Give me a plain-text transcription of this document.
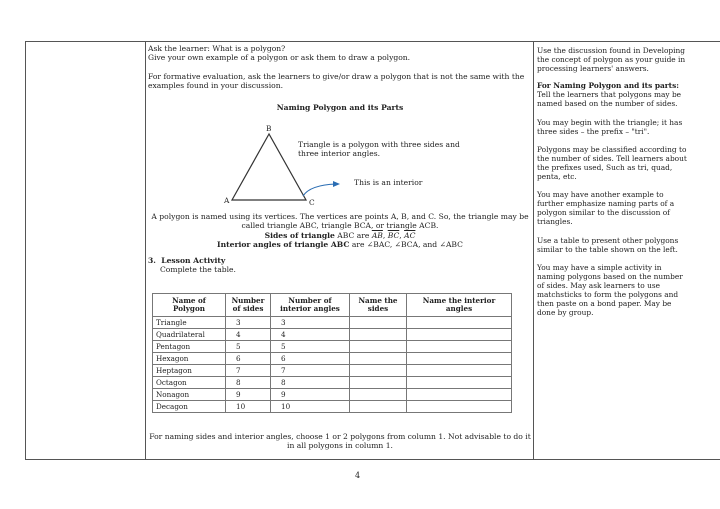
Ask the learner: What is a polygon?

Give your own example of a polygon or ask them to draw a polygon.

For formative evaluation, ask the learners to give/or draw a polygon that is not the same with the examples found in your discussion.

Naming Polygon and its Parts

B
A	C
Triangle is a polygon with three sides and three interior angles.
This is an interior

A polygon is named using its vertices. The vertices are points A, B, and C. So, the triangle may be called triangle ABC, triangle BCA, or triangle ACB.

Sides of triangle ABC are $\overline{AB}$, $\overline{BC}$, $\overline{AC}$

Interior angles of triangle ABC are ∠BAC, ∠BCA, and ∠ABC

3. Lesson Activity

Complete the table.

Name of Polygon	Number of sides	Number of interior angles	Name the sides	Name the interior angles
Triangle	3	3		
Quadrilateral	4	4		
Pentagon	5	5		
Hexagon	6	6		
Heptagon	7	7		
Octagon	8	8		
Nonagon	9	9		
Decagon	10	10		

For naming sides and interior angles, choose 1 or 2 polygons from column 1. Not advisable to do it in all polygons in column 1.

Use the discussion found in Developing the concept of polygon as your guide in processing learners' answers.

For Naming Polygon and its parts:

Tell the learners that polygons may be named based on the number of sides.

You may begin with the triangle; it has three sides – the prefix – "tri".

Polygons may be classified according to the number of sides. Tell learners about the prefixes used, Such as tri, quad, penta, etc.

You may have another example to further emphasize naming parts of a polygon similar to the discussion of triangles.

Use a table to present other polygons similar to the table shown on the left.

You may have a simple activity in naming polygons based on the number of sides. May ask learners to use matchsticks to form the polygons and then paste on a bond paper. May be done by group.

4
